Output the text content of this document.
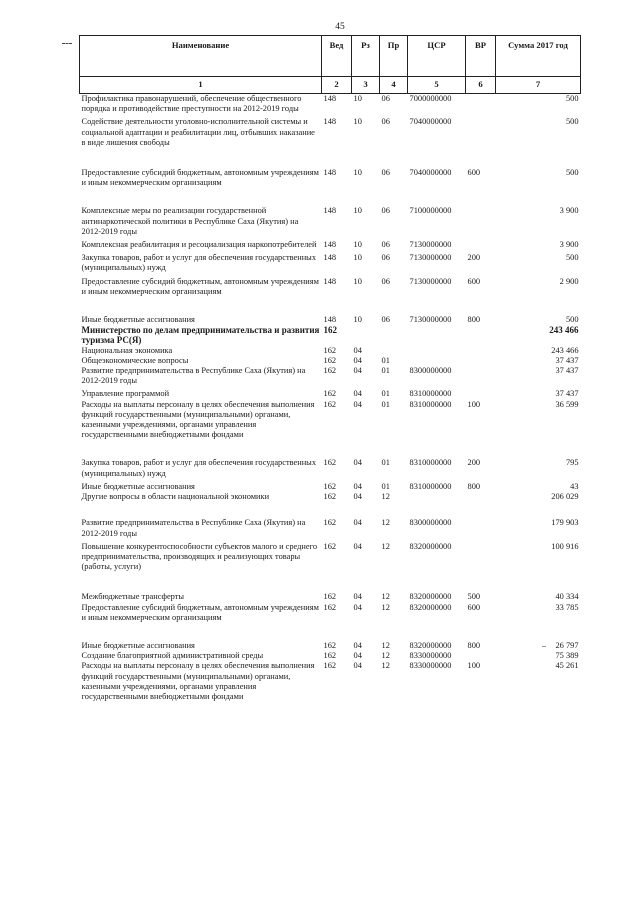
45
Наименование	Вед	Рз	Пр	ЦСР	ВР	Сумма 2017 год
1	2	3	4	5	6	7
Профилактика правонарушений, обеспечение общественного порядка и противодействие преступности на 2012-2019 годы	148	10	06	7000000000		500
Содействие деятельности уголовно-исполнительной системы и социальной адаптации и реабилитации лиц, отбывших наказание в виде лишения свободы	148	10	06	7040000000		500
Предоставление субсидий бюджетным, автономным учреждениям и иным некоммерческим организациям	148	10	06	7040000000	600	500
Комплексные меры по реализации государственной антинаркотической политики в Республике Саха (Якутия) на 2012-2019 годы	148	10	06	7100000000		3 900
Комплексная реабилитация и ресоциализация наркопотребителей	148	10	06	7130000000		3 900
Закупка товаров, работ и услуг для обеспечения государственных (муниципальных) нужд	148	10	06	7130000000	200	500
Предоставление субсидий бюджетным, автономным учреждениям и иным некоммерческим организациям	148	10	06	7130000000	600	2 900
Иные бюджетные ассигнования	148	10	06	7130000000	800	500
Министерство по делам предпринимательства и развития туризма РС(Я)	162					243 466
Национальная экономика	162	04				243 466
Общеэкономические вопросы	162	04	01			37 437
Развитие предпринимательства в Республике Саха (Якутия) на 2012-2019 годы	162	04	01	8300000000		37 437
Управление программой	162	04	01	8310000000		37 437
Расходы на выплаты персоналу в целях обеспечения выполнения функций государственными (муниципальными) органами, казенными учреждениями, органами управления государственными внебюджетными фондами	162	04	01	8310000000	100	36 599
Закупка товаров, работ и услуг для обеспечения государственных (муниципальных) нужд	162	04	01	8310000000	200	795
Иные бюджетные ассигнования	162	04	01	8310000000	800	43
Другие вопросы в области национальной экономики	162	04	12			206 029
Развитие предпринимательства в Республике Саха (Якутия) на 2012-2019 годы	162	04	12	8300000000		179 903
Повышение конкурентоспособности субъектов малого и среднего предпринимательства, производящих и реализующих товары (работы, услуги)	162	04	12	8320000000		100 916
Межбюджетные трансферты	162	04	12	8320000000	500	40 334
Предоставление субсидий бюджетным, автономным учреждениям и иным некоммерческим организациям	162	04	12	8320000000	600	33 785
Иные бюджетные ассигнования	162	04	12	8320000000	800	26 797
Создание благоприятной административной среды	162	04	12	8330000000		75 389
Расходы на выплаты персоналу в целях обеспечения выполнения функций государственными (муниципальными) органами, казенными учреждениями, органами управления государственными внебюджетными фондами	162	04	12	8330000000	100	45 261
